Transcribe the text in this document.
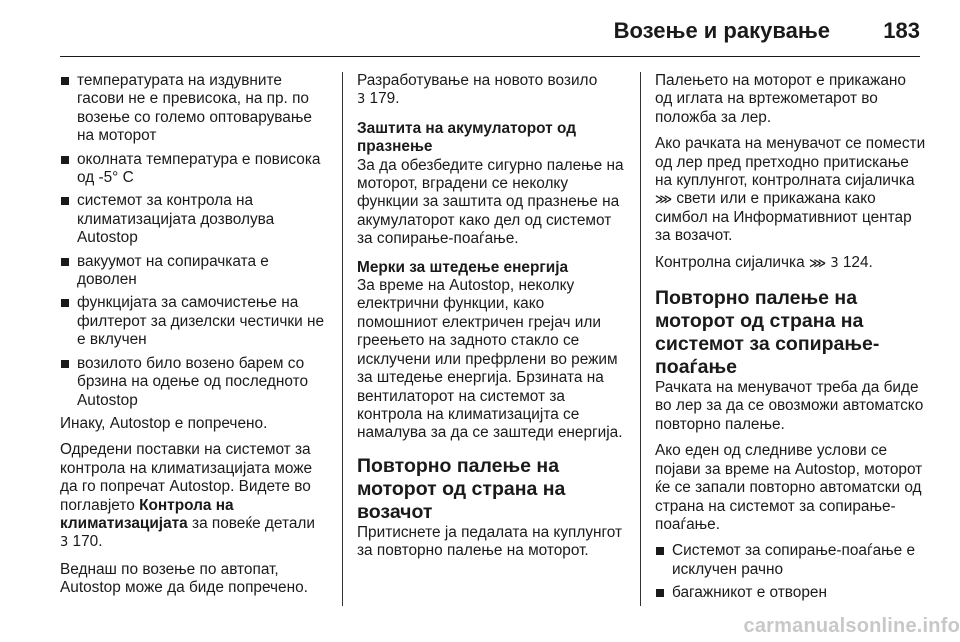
Возење и ракување 183
температурата на издувните гасови не е превисока, на пр. по возење со големо оптоварување на моторот
околната температура е повисока од -5° C
системот за контрола на климатизацијата дозволува Autostop
вакуумот на сопирачката е доволен
функцијата за самочистење на филтерот за дизелски честички не е вклучен
возилото било возено барем со брзина на одење од последното Autostop

Инаку, Autostop е попречено.

Одредени поставки на системот за контрола на климатизацијата може да го попречат Autostop. Видете во поглавјето Контрола на климатизацијата за повеќе детали
3 170.

Веднаш по возење по автопат, Autostop може да биде попречено.

Разработување на новото возило
3 179.

Заштита на акумулаторот од
празнење

За да обезбедите сигурно палење на моторот, вградени се неколку функции за заштита од празнење на акумулаторот како дел од системот за сопирање-поаѓање.

Мерки за штедење енергија

За време на Autostop, неколку електрични функции, како помошниот електричен грејач или греењето на задното стакло се исклучени или префрлени во режим за штедење енергија. Брзината на вентилаторот на системот за контрола на климатизацијта се намалува за да се заштеди енергија.

Повторно палење на моторот од страна на возачот

Притиснете ја педалата на куплунгот за повторно палење на моторот.

Палењето на моторот е прикажано од иглата на вртежометарот во положба за лер.

Ако рачката на менувачот се помести од лер пред претходно притискање на куплунгот, контролната сијаличка ⋙ свети или е прикажана како симбол на Информативниот центар за возачот.

Контролна сијаличка ⋙ 3 124.

Повторно палење на моторот од страна на системот за сопирање-поаѓање

Рачката на менувачот треба да биде во лер за да се овозможи автоматско повторно палење.

Ако еден од следниве услови се појави за време на Autostop, моторот ќе се запали повторно автоматски од страна на системот за сопирање-поаѓање.

Системот за сопирање-поаѓање е исклучен рачно
багажникот е отворен
carmanualsonline.info
